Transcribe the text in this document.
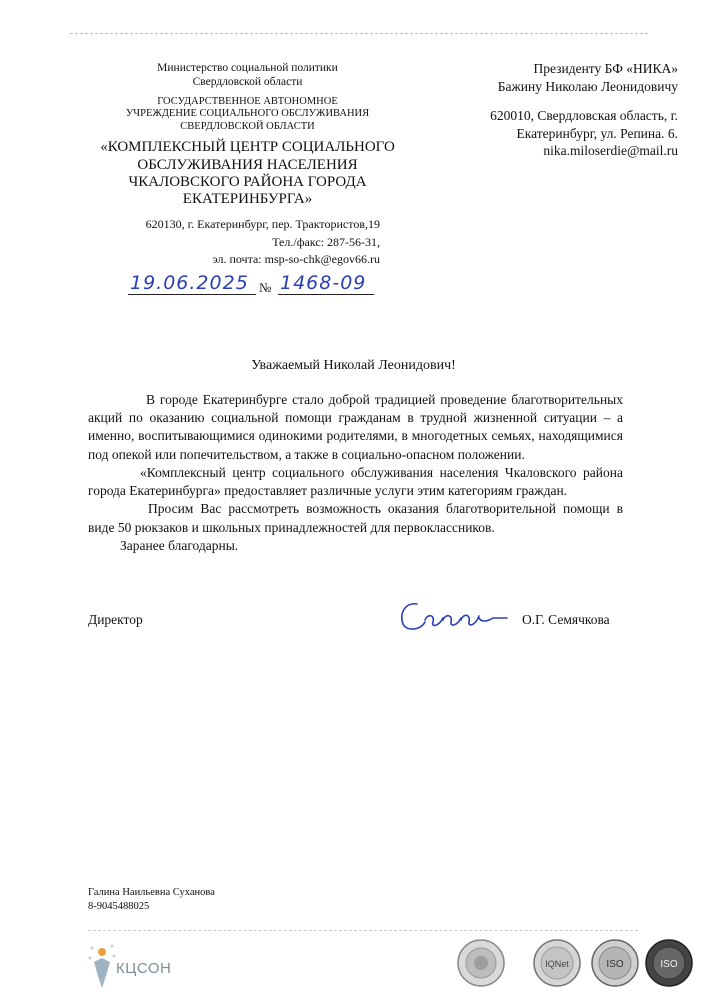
Министерство социальной политики
Свердловской области
ГОСУДАРСТВЕННОЕ АВТОНОМНОЕ
УЧРЕЖДЕНИЕ СОЦИАЛЬНОГО ОБСЛУЖИВАНИЯ
СВЕРДЛОВСКОЙ ОБЛАСТИ
«КОМПЛЕКСНЫЙ ЦЕНТР СОЦИАЛЬНОГО
ОБСЛУЖИВАНИЯ НАСЕЛЕНИЯ
ЧКАЛОВСКОГО РАЙОНА ГОРОДА
ЕКАТЕРИНБУРГА»
620130, г. Екатеринбург, пер. Трактористов,19
Тел./факс: 287-56-31,
эл. почта: msp-so-chk@egov66.ru
Президенту БФ «НИКА»
Бажину Николаю Леонидовичу
620010, Свердловская область, г.
Екатеринбург, ул. Репина. 6.
nika.miloserdie@mail.ru
19.06.2025 № 1468-09
Уважаемый Николай Леонидович!

В городе Екатеринбурге стало доброй традицией проведение благотворительных акций по оказанию социальной помощи гражданам в трудной жизненной ситуации – а именно, воспитывающимися одинокими родителями, в многодетных семьях, находящимися под опекой или попечительством, а также в социально-опасном положении.

«Комплексный центр социального обслуживания населения Чкаловского района города Екатеринбурга» предоставляет различные услуги этим категориям граждан.

Просим Вас рассмотреть возможность оказания благотворительной помощи в виде 50 рюкзаков и школьных принадлежностей для первоклассников.

Заранее благодарны.

Директор	О.Г. Семячкова
Галина Наильевна Суханова
8-9045488025
КЦСОН	IQNet	ISO	ISO
